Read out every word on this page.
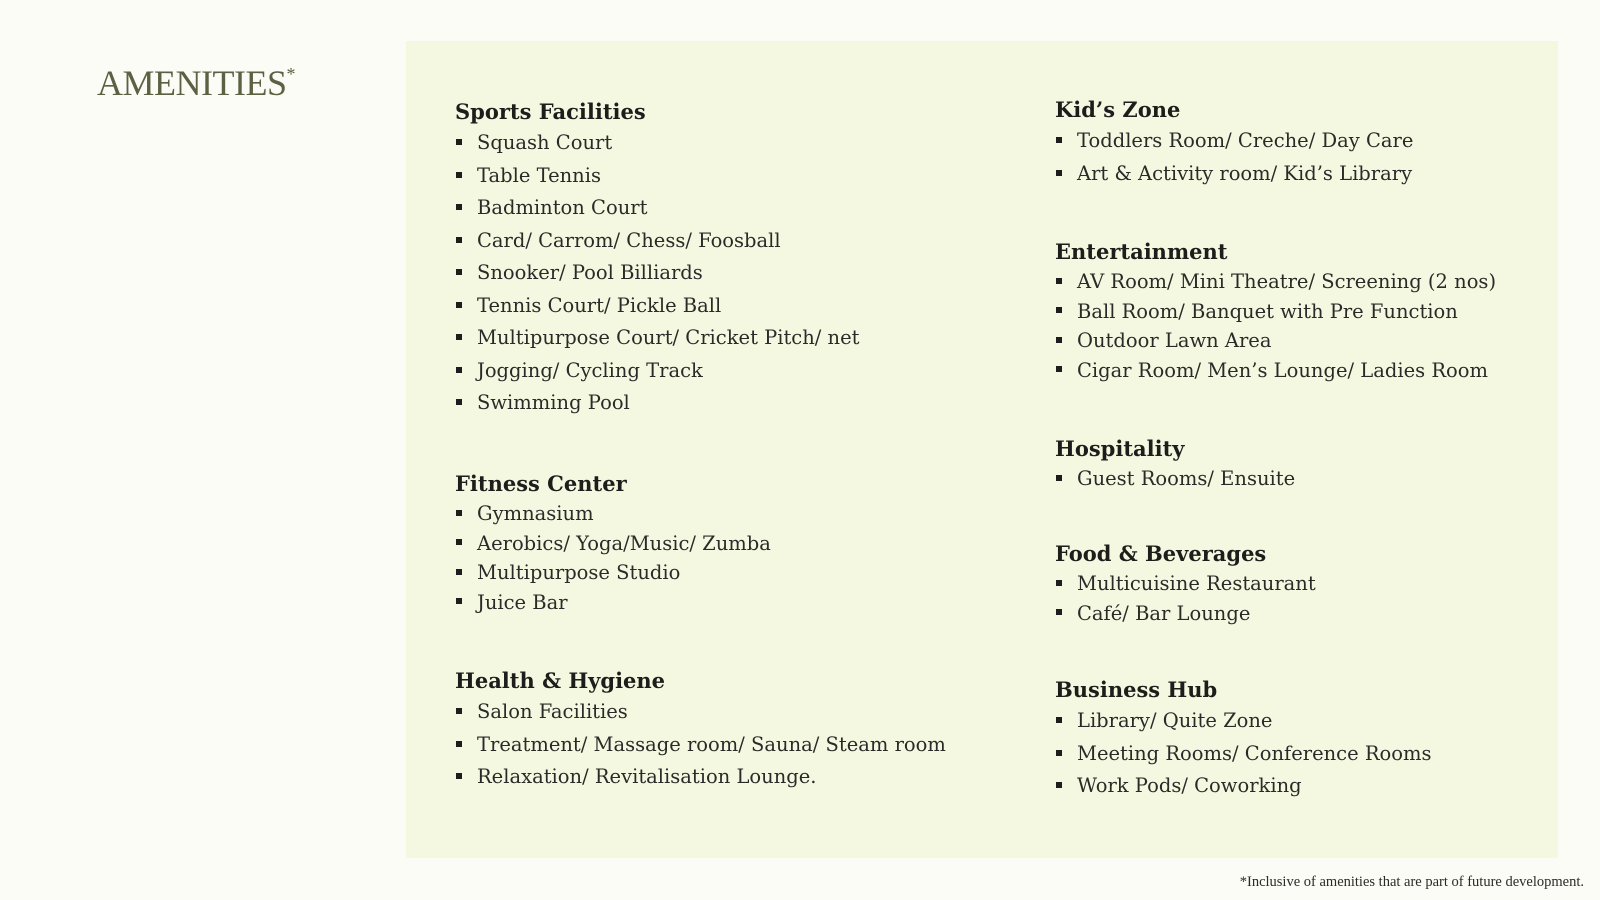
AMENITIES*
Sports Facilities
Squash Court
Table Tennis
Badminton Court
Card/ Carrom/ Chess/ Foosball
Snooker/ Pool Billiards
Tennis Court/ Pickle Ball
Multipurpose Court/ Cricket Pitch/ net
Jogging/ Cycling Track
Swimming Pool
Fitness Center
Gymnasium
Aerobics/ Yoga/Music/ Zumba
Multipurpose Studio
Juice Bar
Health & Hygiene
Salon Facilities
Treatment/ Massage room/ Sauna/ Steam room
Relaxation/ Revitalisation Lounge.
Kid’s Zone
Toddlers Room/ Creche/ Day Care
Art & Activity room/ Kid’s Library
Entertainment
AV Room/ Mini Theatre/ Screening (2 nos)
Ball Room/ Banquet with Pre Function
Outdoor Lawn Area
Cigar Room/ Men’s Lounge/ Ladies Room
Hospitality
Guest Rooms/ Ensuite
Food & Beverages
Multicuisine Restaurant
Café/ Bar Lounge
Business Hub
Library/ Quite Zone
Meeting Rooms/ Conference Rooms
Work Pods/ Coworking
*Inclusive of amenities that are part of future development.
